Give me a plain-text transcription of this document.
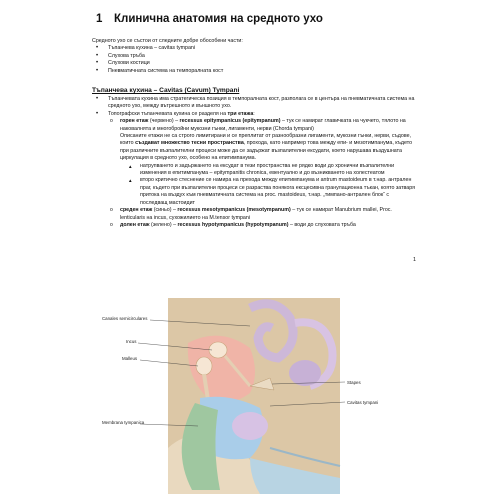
1 Клинична анатомия на средното ухо
Средното ухо се състои от следните добре обособени части:
• Тъпанчева кухина – cavitas tympani
• Слухова тръба
• Слухови костици
• Пневматичната система на темпоралната кост
Тъпанчева кухина – Cavitas (Cavum) Tympani
• Тъпанчевата кухина има стратегическа позиция в темпоралната кост, разполага се в центъра на пневматичната система на средното ухо, между вътрешното и външното ухо.
• Топографски тъпанчевата кухина се разделя на три етажа:
o горен етаж (червено) – recessus epitympanicus (epitympanum) – тук се намират главичката на чукчето, тялото на наковалнята и многобройни мукозни гънки, лигаменти, нерви (Chorda tympani)
Описаните етажи не са строго лимитирани и се преплитат от разнообразни лигаменти, мукозни гънки, нерви, съдове, които създават множество тесни пространства, прохода, като например това между епи- и мезотимпанума, където при различните възпалителни процеси може да се задържат възпалителни ексудати, което нарушава въздушната циркулация в средното ухо, особено на епитимпанума.
▲ натрупването и задържането на ексудат в тези пространства не рядко води до хронични възпалителни изменения в епитимпанума – epitympanitis chronica, евентуално и до възникването на холестеатом
▲ второ критично стеснение се намира на прехода между епитимпанума и antrum mastoideum в т.нар. антрален праг, където при възпалителни процеси се разраства понякога ексцесивна гранулационна тъкан, която затваря притока на въздух към пневматичната система на proc. mastoideus, т.нар. „тимпано-антрален блок“ с последващ мастоидит
o среден етаж (синьо) – recessus mesotympanicus (mesotympanum) – тук се намират Manubrium mallei, Proc. lenticularis на incus, сухожилието на M.tensor tympani
o долен етаж (зелено) – recessus hypotympanicus (hypotympanum) – води до слуховата тръба
1
Canales semicirculares
Incus
Malleus
Stapes
Cavitas tympani
Membrana tympanica
